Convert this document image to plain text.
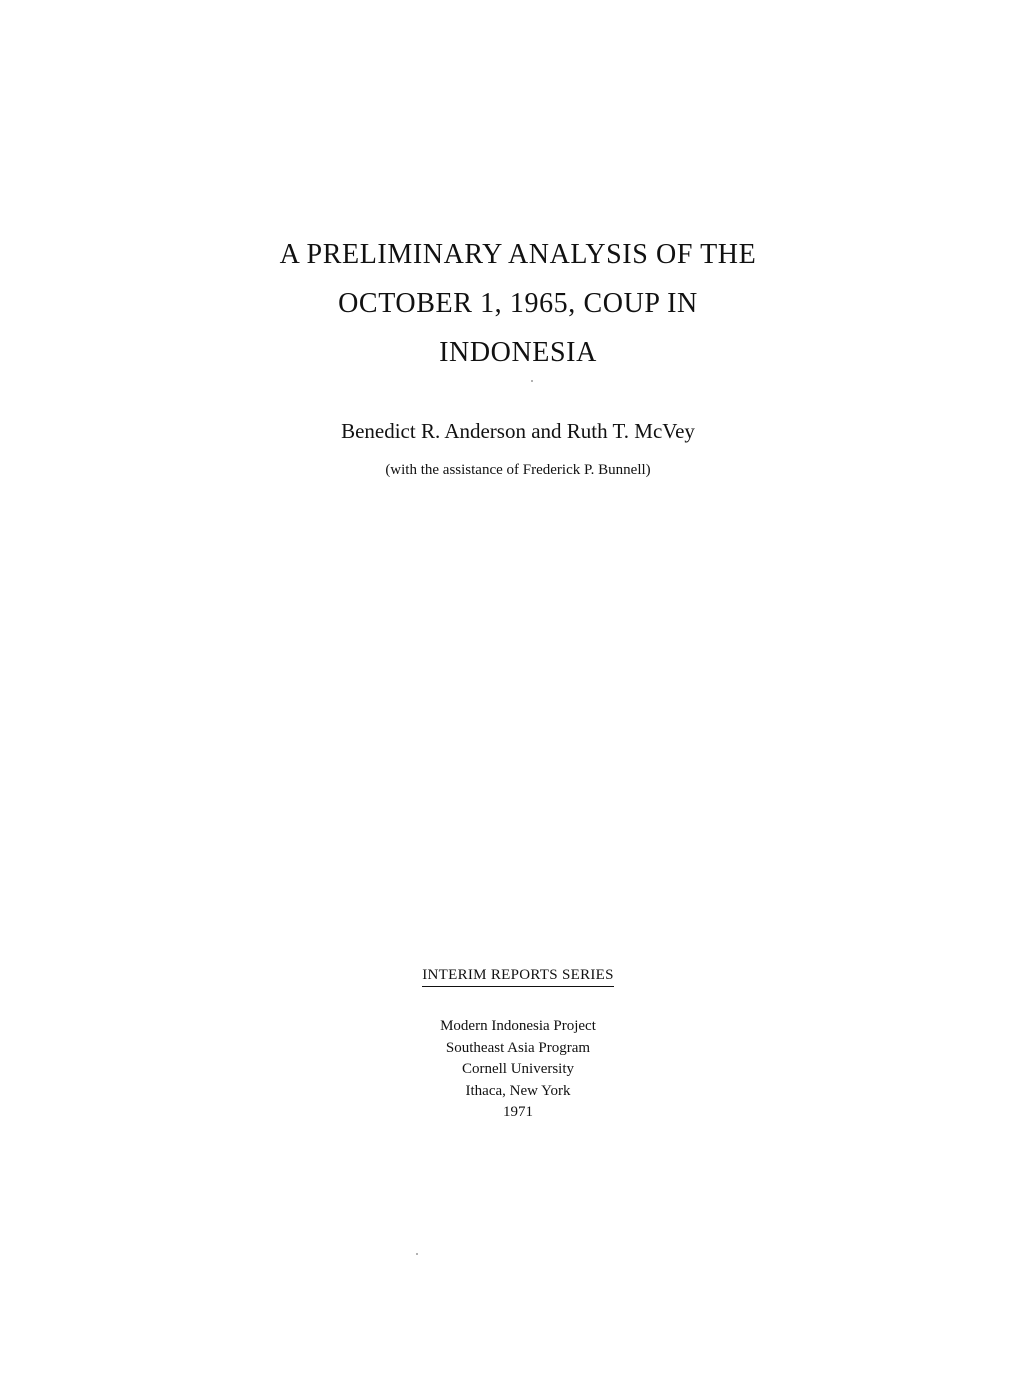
A PRELIMINARY ANALYSIS OF THE
OCTOBER 1, 1965, COUP IN
INDONESIA
Benedict R. Anderson and Ruth T. McVey
(with the assistance of Frederick P. Bunnell)
INTERIM REPORTS SERIES
Modern Indonesia Project
Southeast Asia Program
Cornell University
Ithaca, New York
1971
